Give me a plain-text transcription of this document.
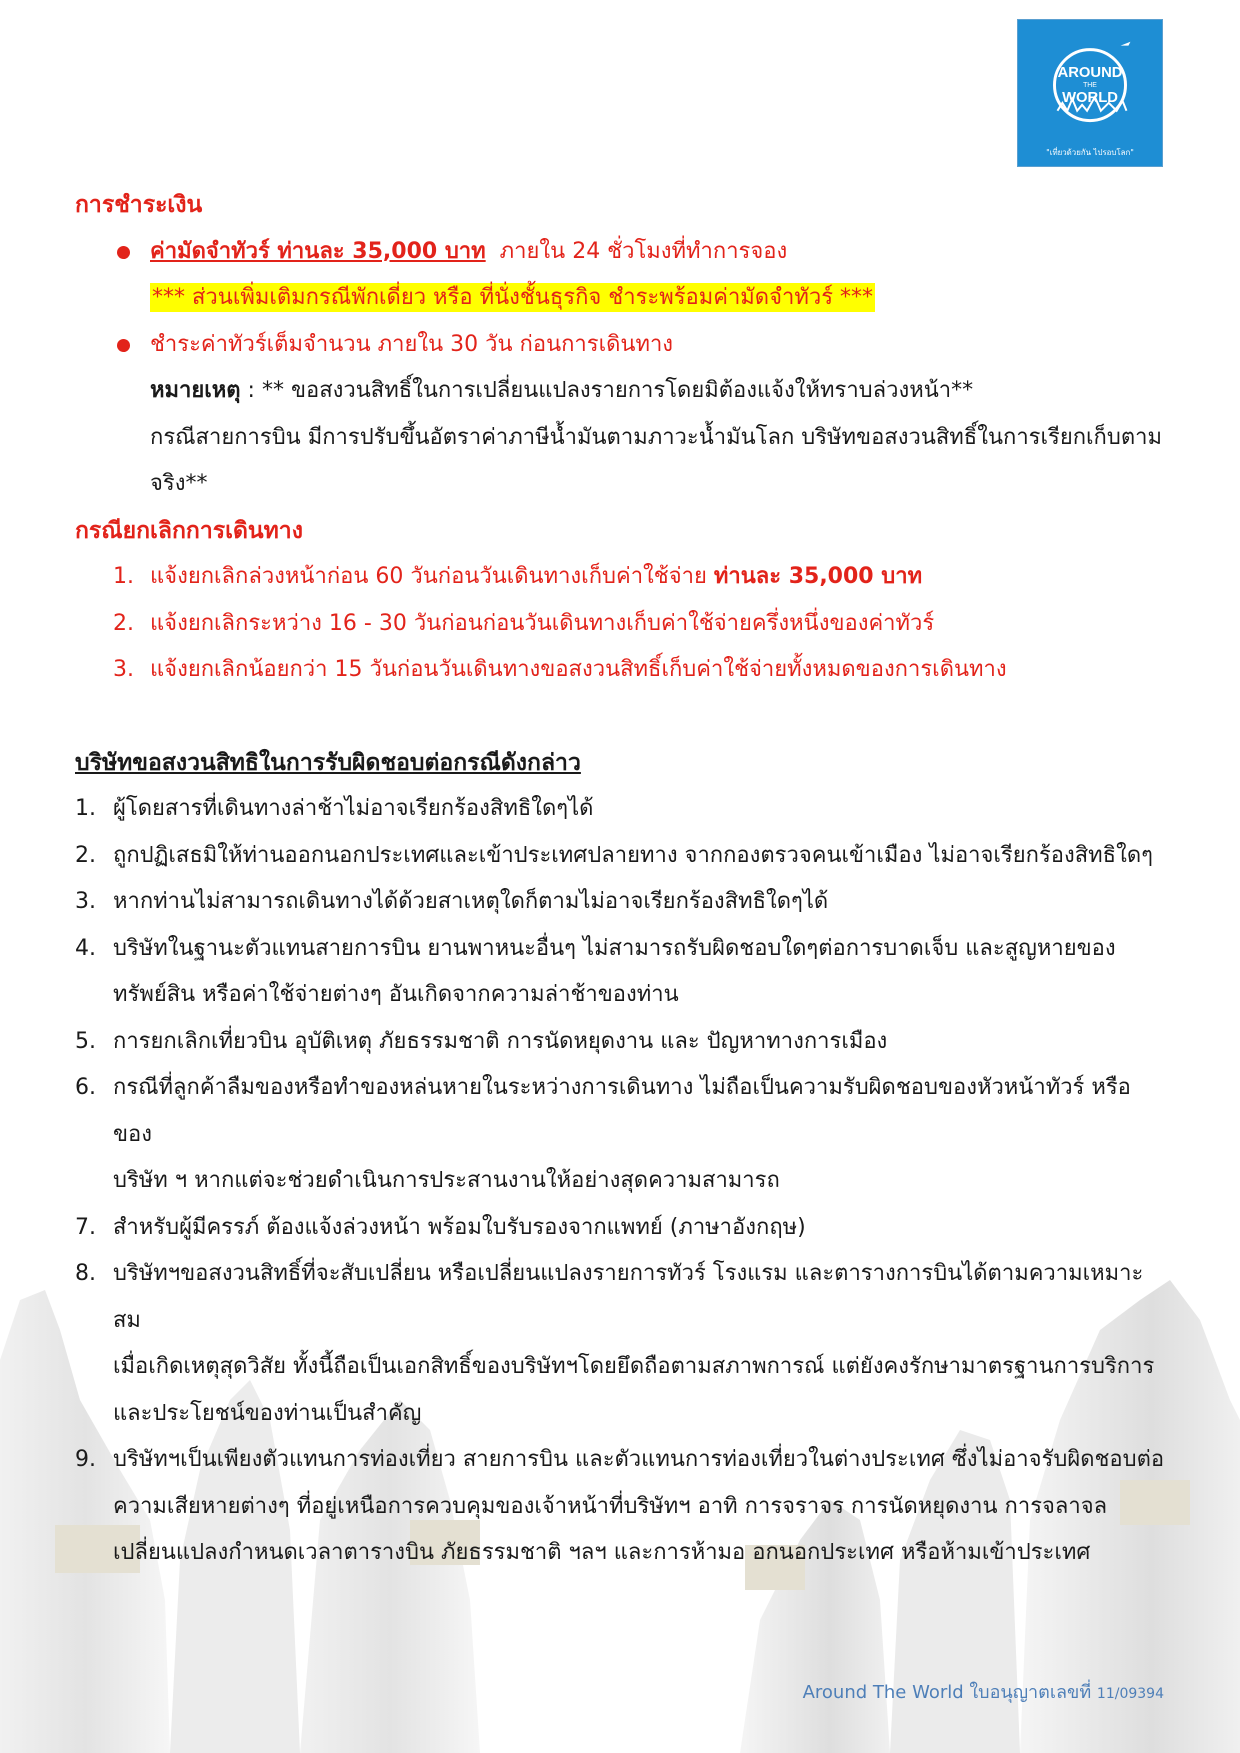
AROUND
THE
WORLD
"เที่ยวด้วยกัน ไปรอบโลก"
การชำระเงิน
ค่ามัดจำทัวร์ ท่านละ 35,000 บาท ภายใน 24 ชั่วโมงที่ทำการจอง
*** ส่วนเพิ่มเติมกรณีพักเดี่ยว หรือ ที่นั่งชั้นธุรกิจ ชำระพร้อมค่ามัดจำทัวร์ ***
ชำระค่าทัวร์เต็มจำนวน ภายใน 30 วัน ก่อนการเดินทาง
หมายเหตุ : ** ขอสงวนสิทธิ์ในการเปลี่ยนแปลงรายการโดยมิต้องแจ้งให้ทราบล่วงหน้า**
กรณีสายการบิน มีการปรับขึ้นอัตราค่าภาษีน้ำมันตามภาวะน้ำมันโลก บริษัทขอสงวนสิทธิ์ในการเรียกเก็บตาม
จริง**
กรณียกเลิกการเดินทาง
1. แจ้งยกเลิกล่วงหน้าก่อน 60 วันก่อนวันเดินทางเก็บค่าใช้จ่าย ท่านละ 35,000 บาท
2. แจ้งยกเลิกระหว่าง 16 - 30 วันก่อนก่อนวันเดินทางเก็บค่าใช้จ่ายครึ่งหนึ่งของค่าทัวร์
3. แจ้งยกเลิกน้อยกว่า 15 วันก่อนวันเดินทางขอสงวนสิทธิ์เก็บค่าใช้จ่ายทั้งหมดของการเดินทาง
บริษัทขอสงวนสิทธิในการรับผิดชอบต่อกรณีดังกล่าว
1. ผู้โดยสารที่เดินทางล่าช้าไม่อาจเรียกร้องสิทธิใดๆได้
2. ถูกปฏิเสธมิให้ท่านออกนอกประเทศและเข้าประเทศปลายทาง จากกองตรวจคนเข้าเมือง ไม่อาจเรียกร้องสิทธิใดๆ
3. หากท่านไม่สามารถเดินทางได้ด้วยสาเหตุใดก็ตามไม่อาจเรียกร้องสิทธิใดๆได้
4. บริษัทในฐานะตัวแทนสายการบิน ยานพาหนะอื่นๆ ไม่สามารถรับผิดชอบใดๆต่อการบาดเจ็บ และสูญหายของ
ทรัพย์สิน หรือค่าใช้จ่ายต่างๆ อันเกิดจากความล่าช้าของท่าน
5. การยกเลิกเที่ยวบิน อุบัติเหตุ ภัยธรรมชาติ การนัดหยุดงาน และ ปัญหาทางการเมือง
6. กรณีที่ลูกค้าลืมของหรือทำของหล่นหายในระหว่างการเดินทาง ไม่ถือเป็นความรับผิดชอบของหัวหน้าทัวร์ หรือของ
บริษัท ฯ หากแต่จะช่วยดำเนินการประสานงานให้อย่างสุดความสามารถ
7. สำหรับผู้มีครรภ์ ต้องแจ้งล่วงหน้า พร้อมใบรับรองจากแพทย์ (ภาษาอังกฤษ)
8. บริษัทฯขอสงวนสิทธิ์ที่จะสับเปลี่ยน หรือเปลี่ยนแปลงรายการทัวร์ โรงแรม และตารางการบินได้ตามความเหมาะสม
เมื่อเกิดเหตุสุดวิสัย ทั้งนี้ถือเป็นเอกสิทธิ์ของบริษัทฯโดยยึดถือตามสภาพการณ์ แต่ยังคงรักษามาตรฐานการบริการ
และประโยชน์ของท่านเป็นสำคัญ
9. บริษัทฯเป็นเพียงตัวแทนการท่องเที่ยว สายการบิน และตัวแทนการท่องเที่ยวในต่างประเทศ ซึ่งไม่อาจรับผิดชอบต่อ
ความเสียหายต่างๆ ที่อยู่เหนือการควบคุมของเจ้าหน้าที่บริษัทฯ อาทิ การจราจร การนัดหยุดงาน การจลาจล
เปลี่ยนแปลงกำหนดเวลาตารางบิน ภัยธรรมชาติ ฯลฯ และการห้ามอ อกนอกประเทศ หรือห้ามเข้าประเทศ
Around The World ใบอนุญาตเลขที่ 11/09394
